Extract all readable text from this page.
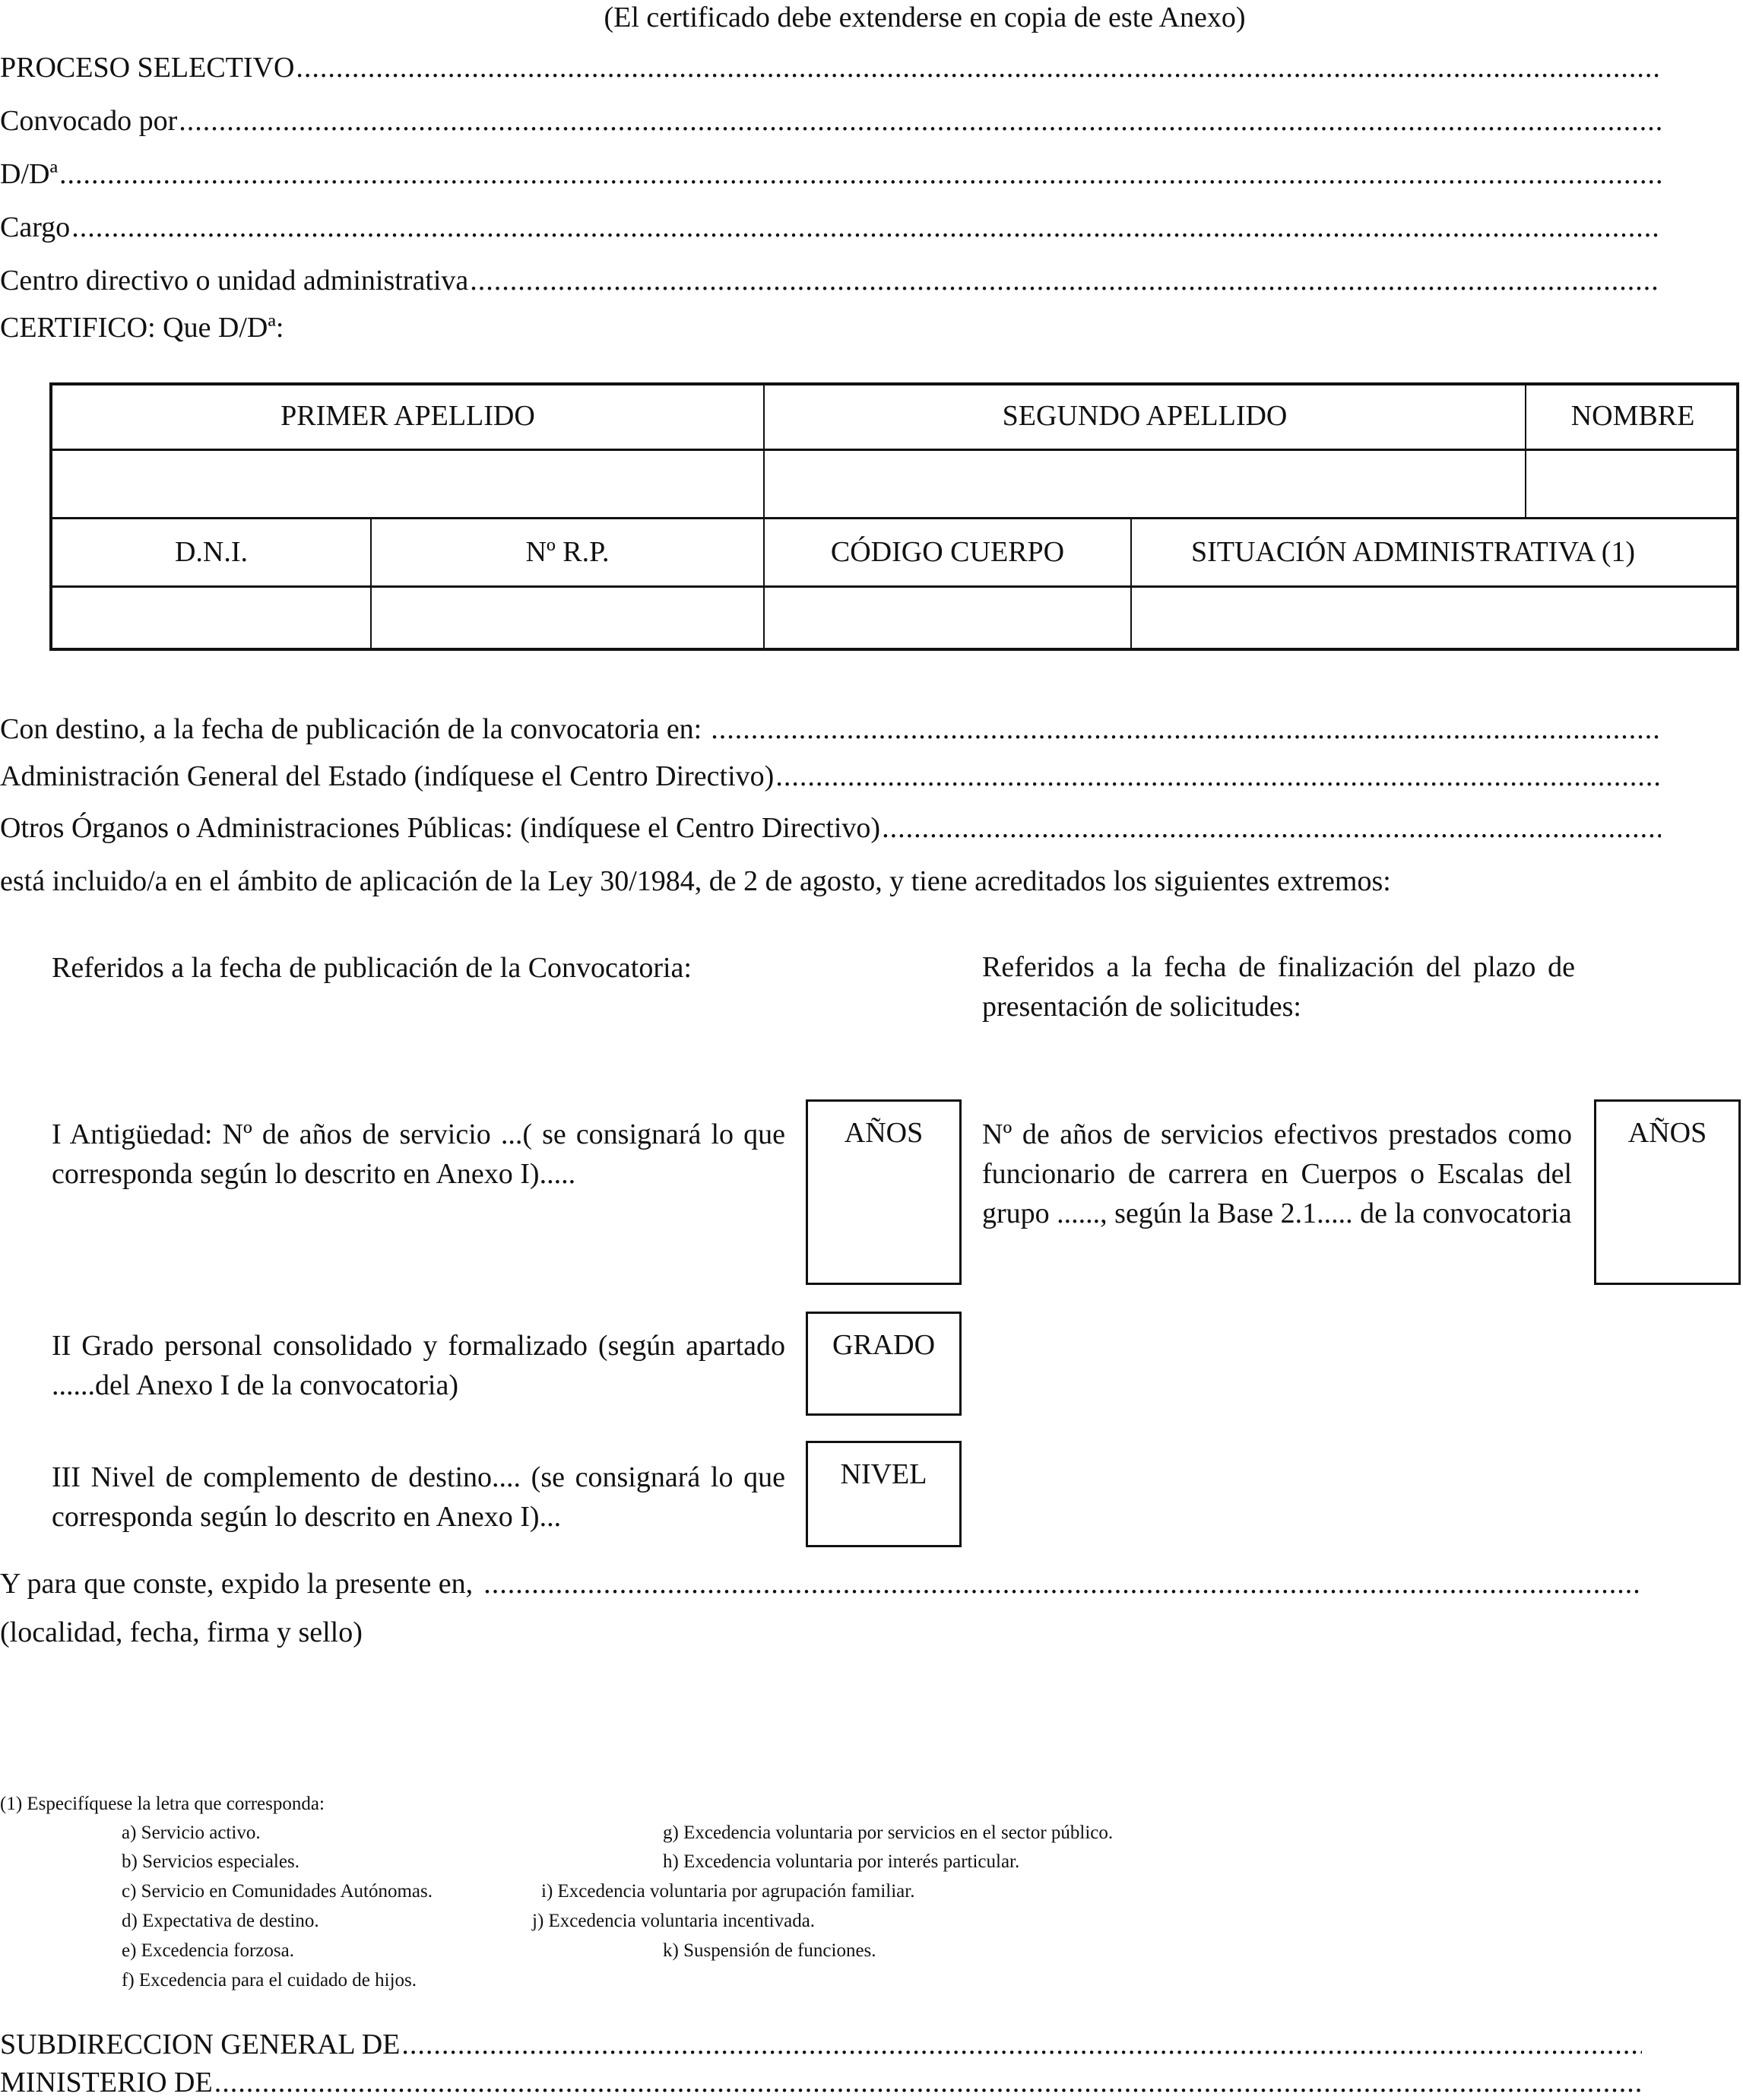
(El certificado debe extenderse en copia de este Anexo)
PROCESO SELECTIVO
.....
Convocado por
.....
D/Dª
.....
Cargo
.....
Centro directivo o unidad administrativa
.....
CERTIFICO: Que D/Dª:
PRIMER APELLIDO	SEGUNDO APELLIDO	NOMBRE
D.N.I.	Nº R.P.	CÓDIGO CUERPO	SITUACIÓN ADMINISTRATIVA (1)
Con destino, a la fecha de publicación de la convocatoria en:
.....
Administración General del Estado (indíquese el Centro Directivo)
.....
Otros Órganos o Administraciones Públicas: (indíquese el Centro Directivo)
.....
está incluido/a en el ámbito de aplicación de la Ley 30/1984, de 2 de agosto, y tiene acreditados los siguientes extremos:
Referidos a la fecha de publicación de la Convocatoria:	Referidos a la fecha de finalización del plazo de presentación de solicitudes:
I Antigüedad: Nº de años de servicio ...( se consignará lo que corresponda según lo descrito en Anexo I).....
AÑOS	Nº de años de servicios efectivos prestados como funcionario de carrera en Cuerpos o Escalas del grupo ......, según la Base 2.1..... de la convocatoria
AÑOS
II Grado personal consolidado y formalizado (según apartado ......del Anexo I de la convocatoria)
GRADO
III Nivel de complemento de destino.... (se consignará lo que corresponda según lo descrito en Anexo I)...
NIVEL
Y para que conste, expido la presente en,
.....
(localidad, fecha, firma y sello)
(1) Especifíquese la letra que corresponda:
a) Servicio activo.
b) Servicios especiales.
c) Servicio en Comunidades Autónomas.
d) Expectativa de destino.
e) Excedencia forzosa.
f) Excedencia para el cuidado de hijos.
g) Excedencia voluntaria por servicios en el sector público.
h) Excedencia voluntaria por interés particular.
i) Excedencia voluntaria por agrupación familiar.
j) Excedencia voluntaria incentivada.
k) Suspensión de funciones.
SUBDIRECCION GENERAL DE
.....
MINISTERIO DE
.....
